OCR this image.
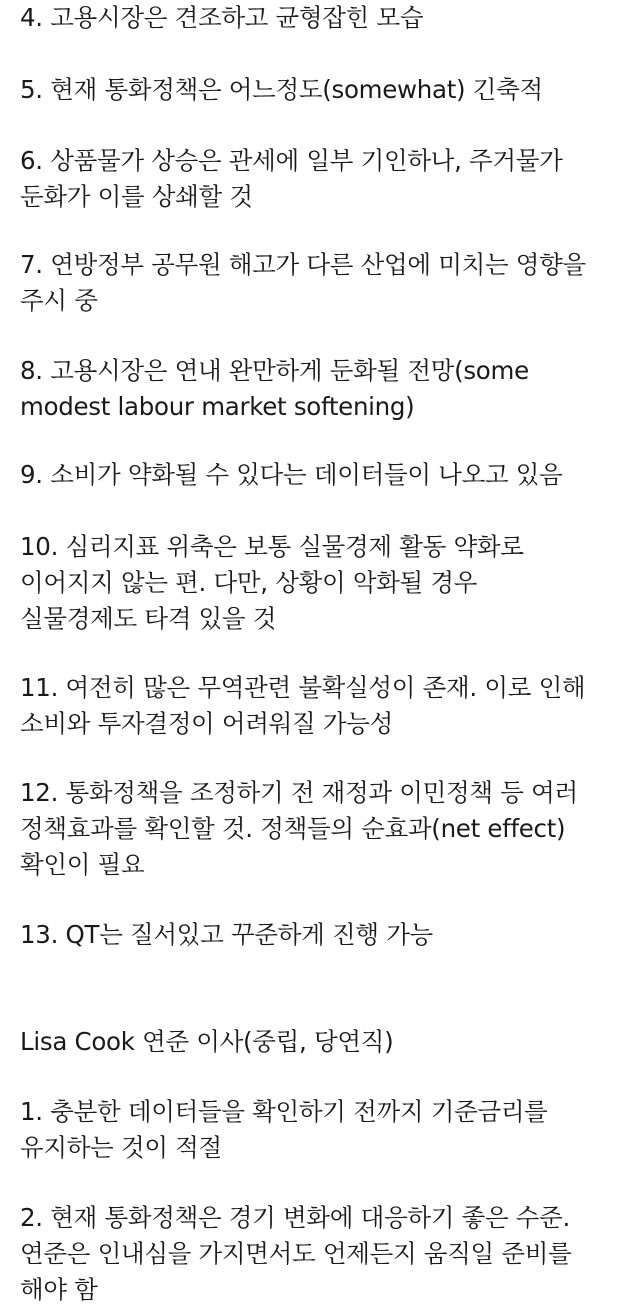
4. 고용시장은 견조하고 균형잡힌 모습
5. 현재 통화정책은 어느정도(somewhat) 긴축적
6. 상품물가 상승은 관세에 일부 기인하나, 주거물가
둔화가 이를 상쇄할 것
7. 연방정부 공무원 해고가 다른 산업에 미치는 영향을
주시 중
8. 고용시장은 연내 완만하게 둔화될 전망(some
modest labour market softening)
9. 소비가 약화될 수 있다는 데이터들이 나오고 있음
10. 심리지표 위축은 보통 실물경제 활동 약화로
이어지지 않는 편. 다만, 상황이 악화될 경우
실물경제도 타격 있을 것
11. 여전히 많은 무역관련 불확실성이 존재. 이로 인해
소비와 투자결정이 어려워질 가능성
12. 통화정책을 조정하기 전 재정과 이민정책 등 여러
정책효과를 확인할 것. 정책들의 순효과(net effect)
확인이 필요
13. QT는 질서있고 꾸준하게 진행 가능
Lisa Cook 연준 이사(중립, 당연직)
1. 충분한 데이터들을 확인하기 전까지 기준금리를
유지하는 것이 적절
2. 현재 통화정책은 경기 변화에 대응하기 좋은 수준.
연준은 인내심을 가지면서도 언제든지 움직일 준비를
해야 함
